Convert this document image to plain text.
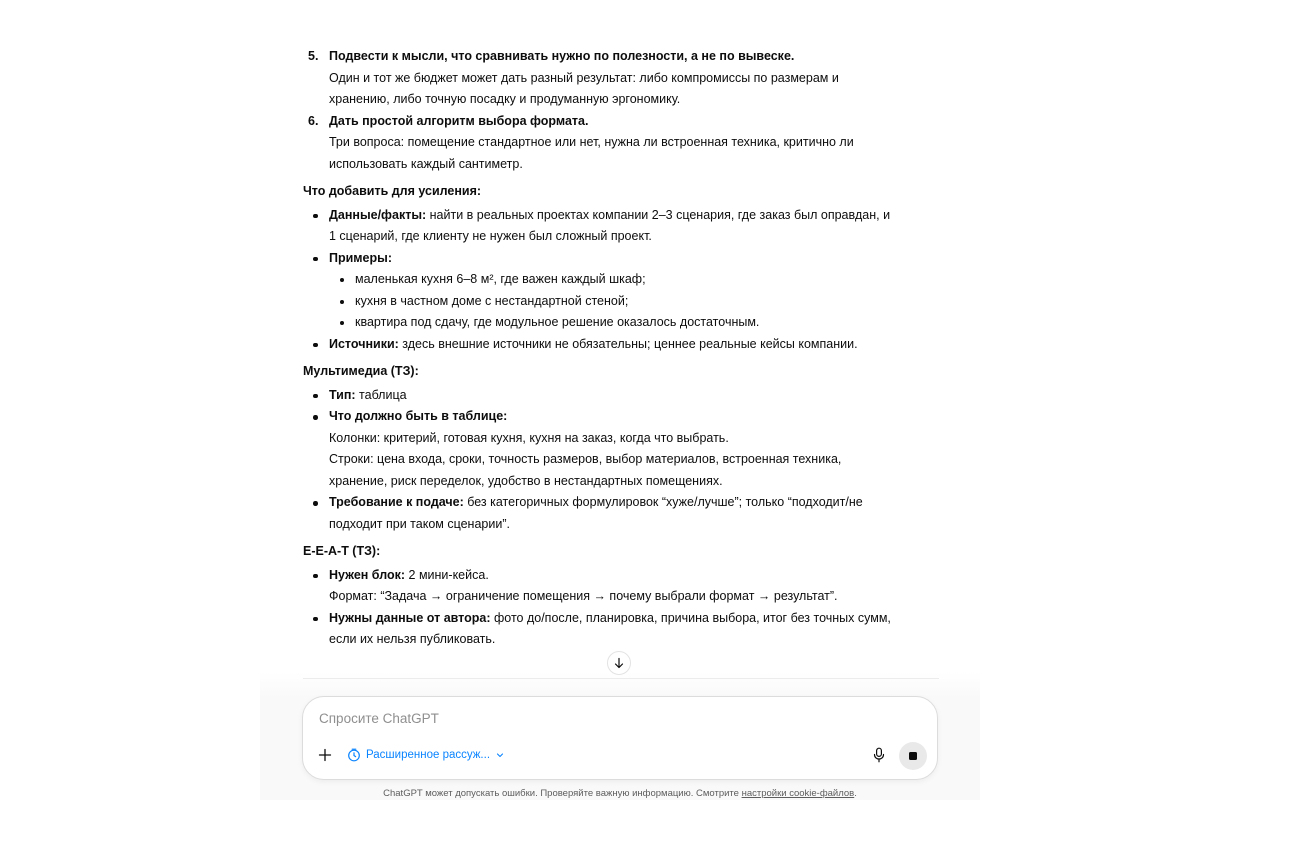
5. Подвести к мысли, что сравнивать нужно по полезности, а не по вывеске.
Один и тот же бюджет может дать разный результат: либо компромиссы по размерам и
хранению, либо точную посадку и продуманную эргономику.
6. Дать простой алгоритм выбора формата.
Три вопроса: помещение стандартное или нет, нужна ли встроенная техника, критично ли
использовать каждый сантиметр.
Что добавить для усиления:
Данные/факты: найти в реальных проектах компании 2–3 сценария, где заказ был оправдан, и
1 сценарий, где клиенту не нужен был сложный проект.
Примеры:
маленькая кухня 6–8 м², где важен каждый шкаф;
кухня в частном доме с нестандартной стеной;
квартира под сдачу, где модульное решение оказалось достаточным.
Источники: здесь внешние источники не обязательны; ценнее реальные кейсы компании.
Мультимедиа (ТЗ):
Тип: таблица
Что должно быть в таблице:
Колонки: критерий, готовая кухня, кухня на заказ, когда что выбрать.
Строки: цена входа, сроки, точность размеров, выбор материалов, встроенная техника,
хранение, риск переделок, удобство в нестандартных помещениях.
Требование к подаче: без категоричных формулировок “хуже/лучше”; только “подходит/не
подходит при таком сценарии”.
E-E-A-T (ТЗ):
Нужен блок: 2 мини-кейса.
Формат: “Задача → ограничение помещения → почему выбрали формат → результат”.
Нужны данные от автора: фото до/после, планировка, причина выбора, итог без точных сумм,
если их нельзя публиковать.
Спросите ChatGPT
Расширенное рассуж...
ChatGPT может допускать ошибки. Проверяйте важную информацию. Смотрите настройки cookie-файлов.
